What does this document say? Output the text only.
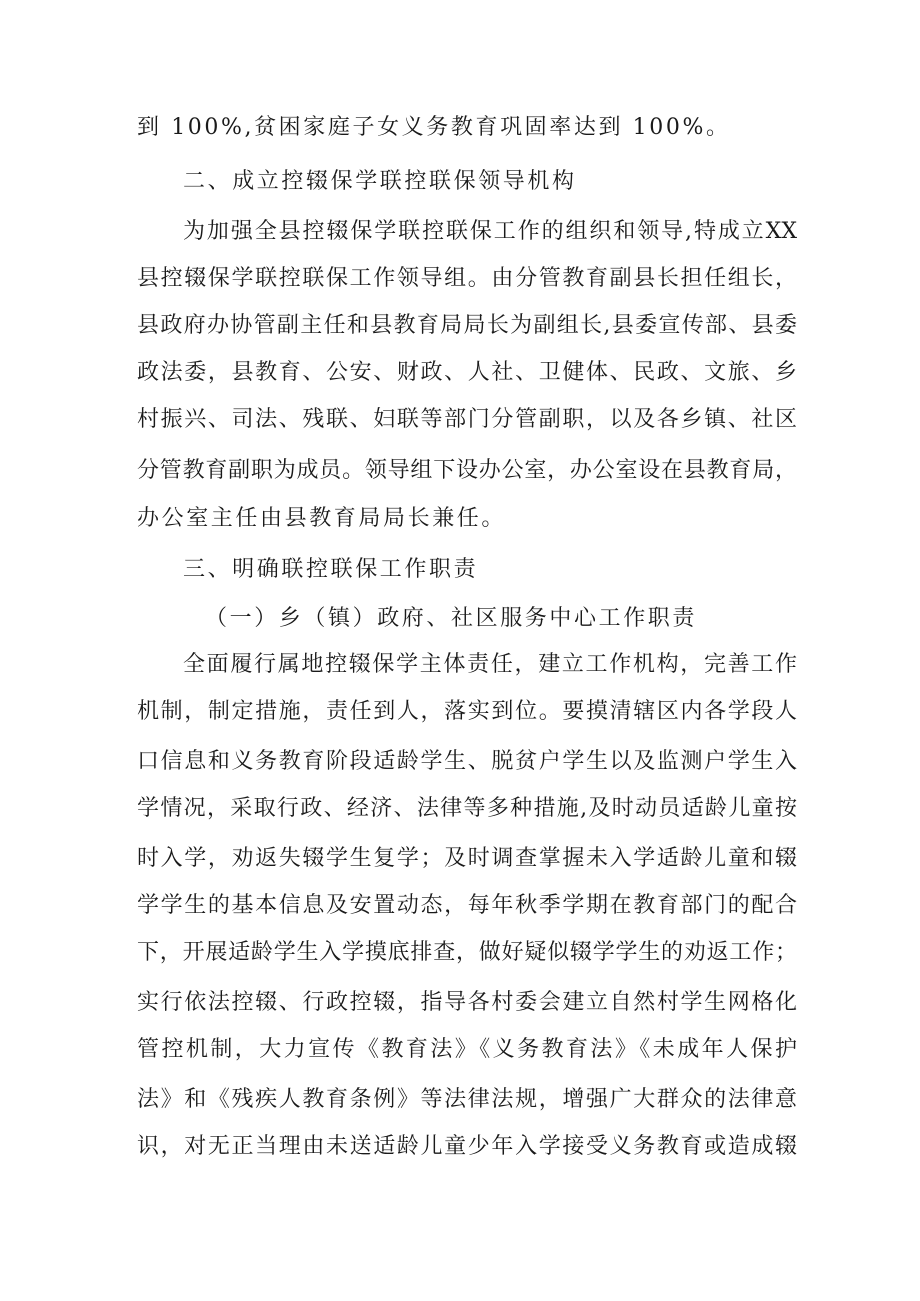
到 100%,贫困家庭子女义务教育巩固率达到 100%。
二、成立控辍保学联控联保领导机构
为加强全县控辍保学联控联保工作的组织和领导,特成立XX
县控辍保学联控联保工作领导组。由分管教育副县长担任组长，
县政府办协管副主任和县教育局局长为副组长,县委宣传部、县委
政法委，县教育、公安、财政、人社、卫健体、民政、文旅、乡
村振兴、司法、残联、妇联等部门分管副职，以及各乡镇、社区
分管教育副职为成员。领导组下设办公室，办公室设在县教育局，
办公室主任由县教育局局长兼任。
三、明确联控联保工作职责
（一）乡（镇）政府、社区服务中心工作职责
全面履行属地控辍保学主体责任，建立工作机构，完善工作
机制，制定措施，责任到人，落实到位。要摸清辖区内各学段人
口信息和义务教育阶段适龄学生、脱贫户学生以及监测户学生入
学情况，采取行政、经济、法律等多种措施,及时动员适龄儿童按
时入学，劝返失辍学生复学；及时调查掌握未入学适龄儿童和辍
学学生的基本信息及安置动态，每年秋季学期在教育部门的配合
下，开展适龄学生入学摸底排查，做好疑似辍学学生的劝返工作；
实行依法控辍、行政控辍，指导各村委会建立自然村学生网格化
管控机制，大力宣传《教育法》《义务教育法》《未成年人保护
法》和《残疾人教育条例》等法律法规，增强广大群众的法律意
识，对无正当理由未送适龄儿童少年入学接受义务教育或造成辍
